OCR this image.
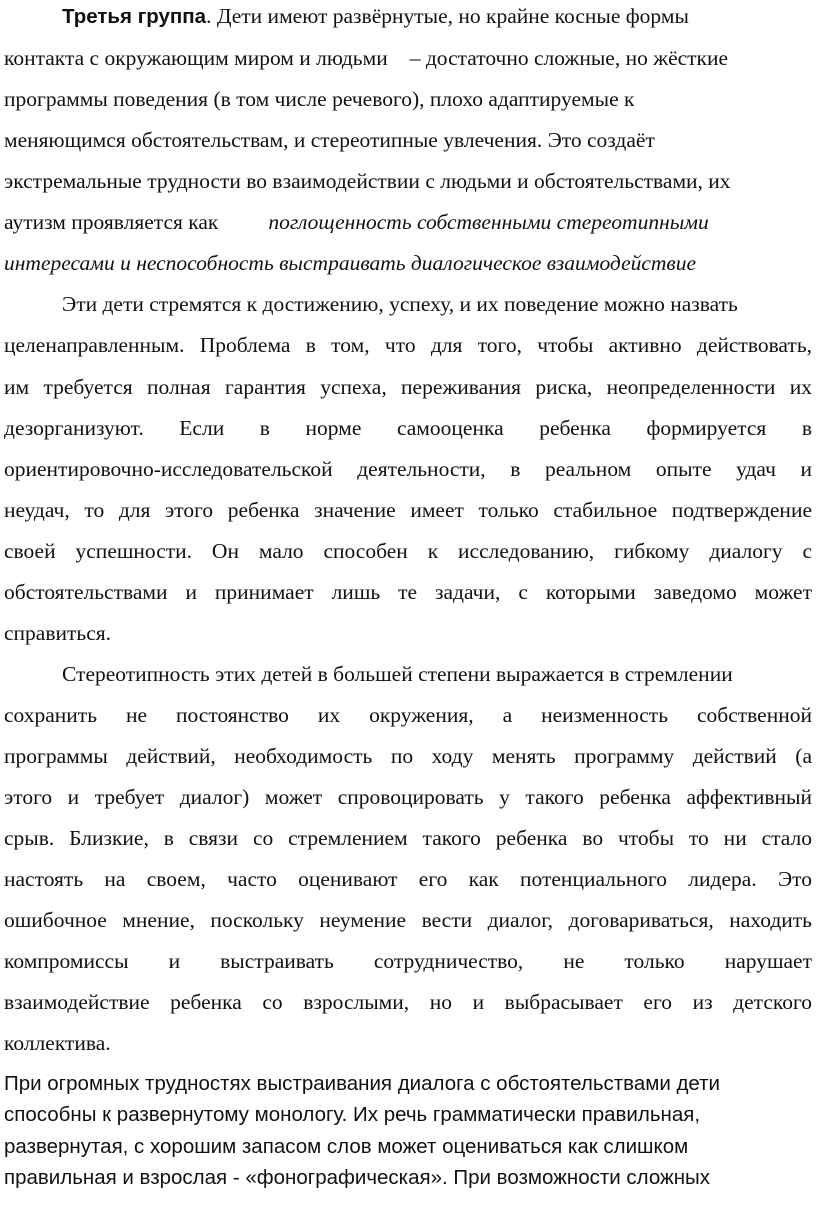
Третья группа. Дети имеют развёрнутые, но крайне косные формы
контакта с окружающим миром и людьми – достаточно сложные, но жёсткие
программы поведения (в том числе речевого), плохо адаптируемые к
меняющимся обстоятельствам, и стереотипные увлечения. Это создаёт
экстремальные трудности во взаимодействии с людьми и обстоятельствами, их
аутизм проявляется как поглощенность собственными стереотипными
интересами и неспособность выстраивать диалогическое взаимодействие
Эти дети стремятся к достижению, успеху, и их поведение можно назвать
целенаправленным. Проблема в том, что для того, чтобы активно действовать,
им требуется полная гарантия успеха, переживания риска, неопределенности их
дезорганизуют. Если в норме самооценка ребенка формируется в
ориентировочно-исследовательской деятельности, в реальном опыте удач и
неудач, то для этого ребенка значение имеет только стабильное подтверждение
своей успешности. Он мало способен к исследованию, гибкому диалогу с
обстоятельствами и принимает лишь те задачи, с которыми заведомо может
справиться.
Стереотипность этих детей в большей степени выражается в стремлении
сохранить не постоянство их окружения, а неизменность собственной
программы действий, необходимость по ходу менять программу действий (а
этого и требует диалог) может спровоцировать у такого ребенка аффективный
срыв. Близкие, в связи со стремлением такого ребенка во чтобы то ни стало
настоять на своем, часто оценивают его как потенциального лидера. Это
ошибочное мнение, поскольку неумение вести диалог, договариваться, находить
компромиссы и выстраивать сотрудничество, не только нарушает
взаимодействие ребенка со взрослыми, но и выбрасывает его из детского
коллектива.
При огромных трудностях выстраивания диалога с обстоятельствами дети
способны к развернутому монологу. Их речь грамматически правильная,
развернутая, с хорошим запасом слов может оцениваться как слишком
правильная и взрослая - «фонографическая». При возможности сложных
